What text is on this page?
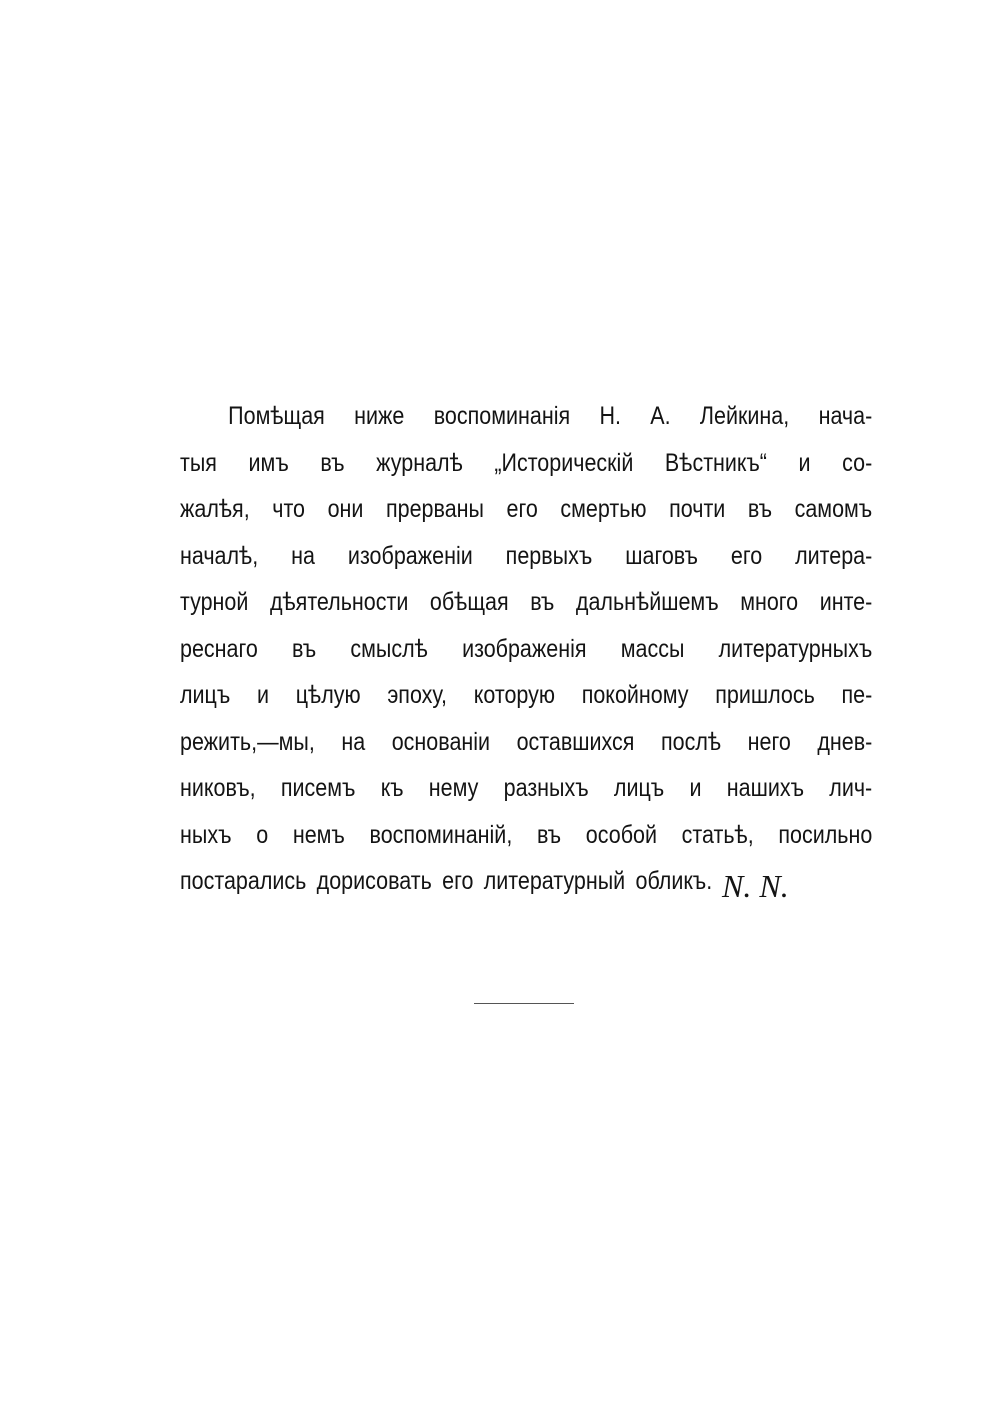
Помѣщая ниже воспоминанія Н. А. Лейкина, нача-
тыя имъ въ журналѣ „Историческій Вѣстникъ“ и со-
жалѣя, что они прерваны его смертью почти въ самомъ
началѣ, на изображеніи первыхъ шаговъ его литера-
турной дѣятельности обѣщая въ дальнѣйшемъ много инте-
реснаго въ смыслѣ изображенія массы литературныхъ
лицъ и цѣлую эпоху, которую покойному пришлось пе-
режить,—мы, на основаніи оставшихся послѣ него днев-
никовъ, писемъ къ нему разныхъ лицъ и нашихъ лич-
ныхъ о немъ воспоминаній, въ особой статьѣ, посильно
постарались дорисовать его литературный обликъ. N. N.
